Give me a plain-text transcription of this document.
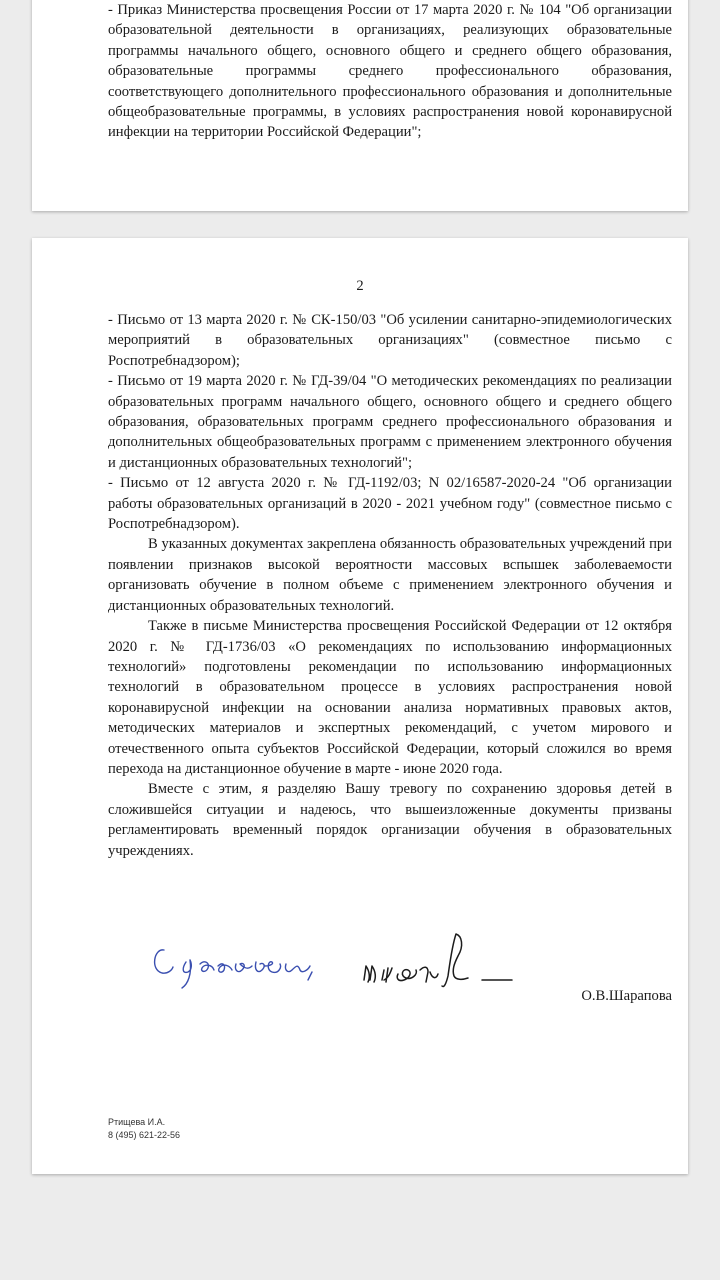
- Приказ Министерства просвещения России от 17 марта 2020 г. № 104 "Об организации образовательной деятельности в организациях, реализующих образовательные программы начального общего, основного общего и среднего общего образования, образовательные программы среднего профессионального образования, соответствующего дополнительного профессионального образования и дополнительные общеобразовательные программы, в условиях распространения новой коронавирусной инфекции на территории Российской Федерации";

2

- Письмо от 13 марта 2020 г. № СК-150/03 "Об усилении санитарно-эпидемиологических мероприятий в образовательных организациях" (совместное письмо с Роспотребнадзором);

- Письмо от 19 марта 2020 г. № ГД-39/04 "О методических рекомендациях по реализации образовательных программ начального общего, основного общего и среднего общего образования, образовательных программ среднего профессионального образования и дополнительных общеобразовательных программ с применением электронного обучения и дистанционных образовательных технологий";

- Письмо от 12 августа 2020 г. № ГД-1192/03; N 02/16587-2020-24 "Об организации работы образовательных организаций в 2020 - 2021 учебном году" (совместное письмо с Роспотребнадзором).

В указанных документах закреплена обязанность образовательных учреждений при появлении признаков высокой вероятности массовых вспышек заболеваемости организовать обучение в полном объеме с применением электронного обучения и дистанционных образовательных технологий.

Также в письме Министерства просвещения Российской Федерации от 12 октября 2020 г. № ГД-1736/03 «О рекомендациях по использованию информационных технологий» подготовлены рекомендации по использованию информационных технологий в образовательном процессе в условиях распространения новой коронавирусной инфекции на основании анализа нормативных правовых актов, методических материалов и экспертных рекомендаций, с учетом мирового и отечественного опыта субъектов Российской Федерации, который сложился во время перехода на дистанционное обучение в марте - июне 2020 года.

Вместе с этим, я разделяю Вашу тревогу по сохранению здоровья детей в сложившейся ситуации и надеюсь, что вышеизложенные документы призваны регламентировать временный порядок организации обучения в образовательных учреждениях.

О.В.Шарапова
Ртищева И.А.
8 (495) 621-22-56
